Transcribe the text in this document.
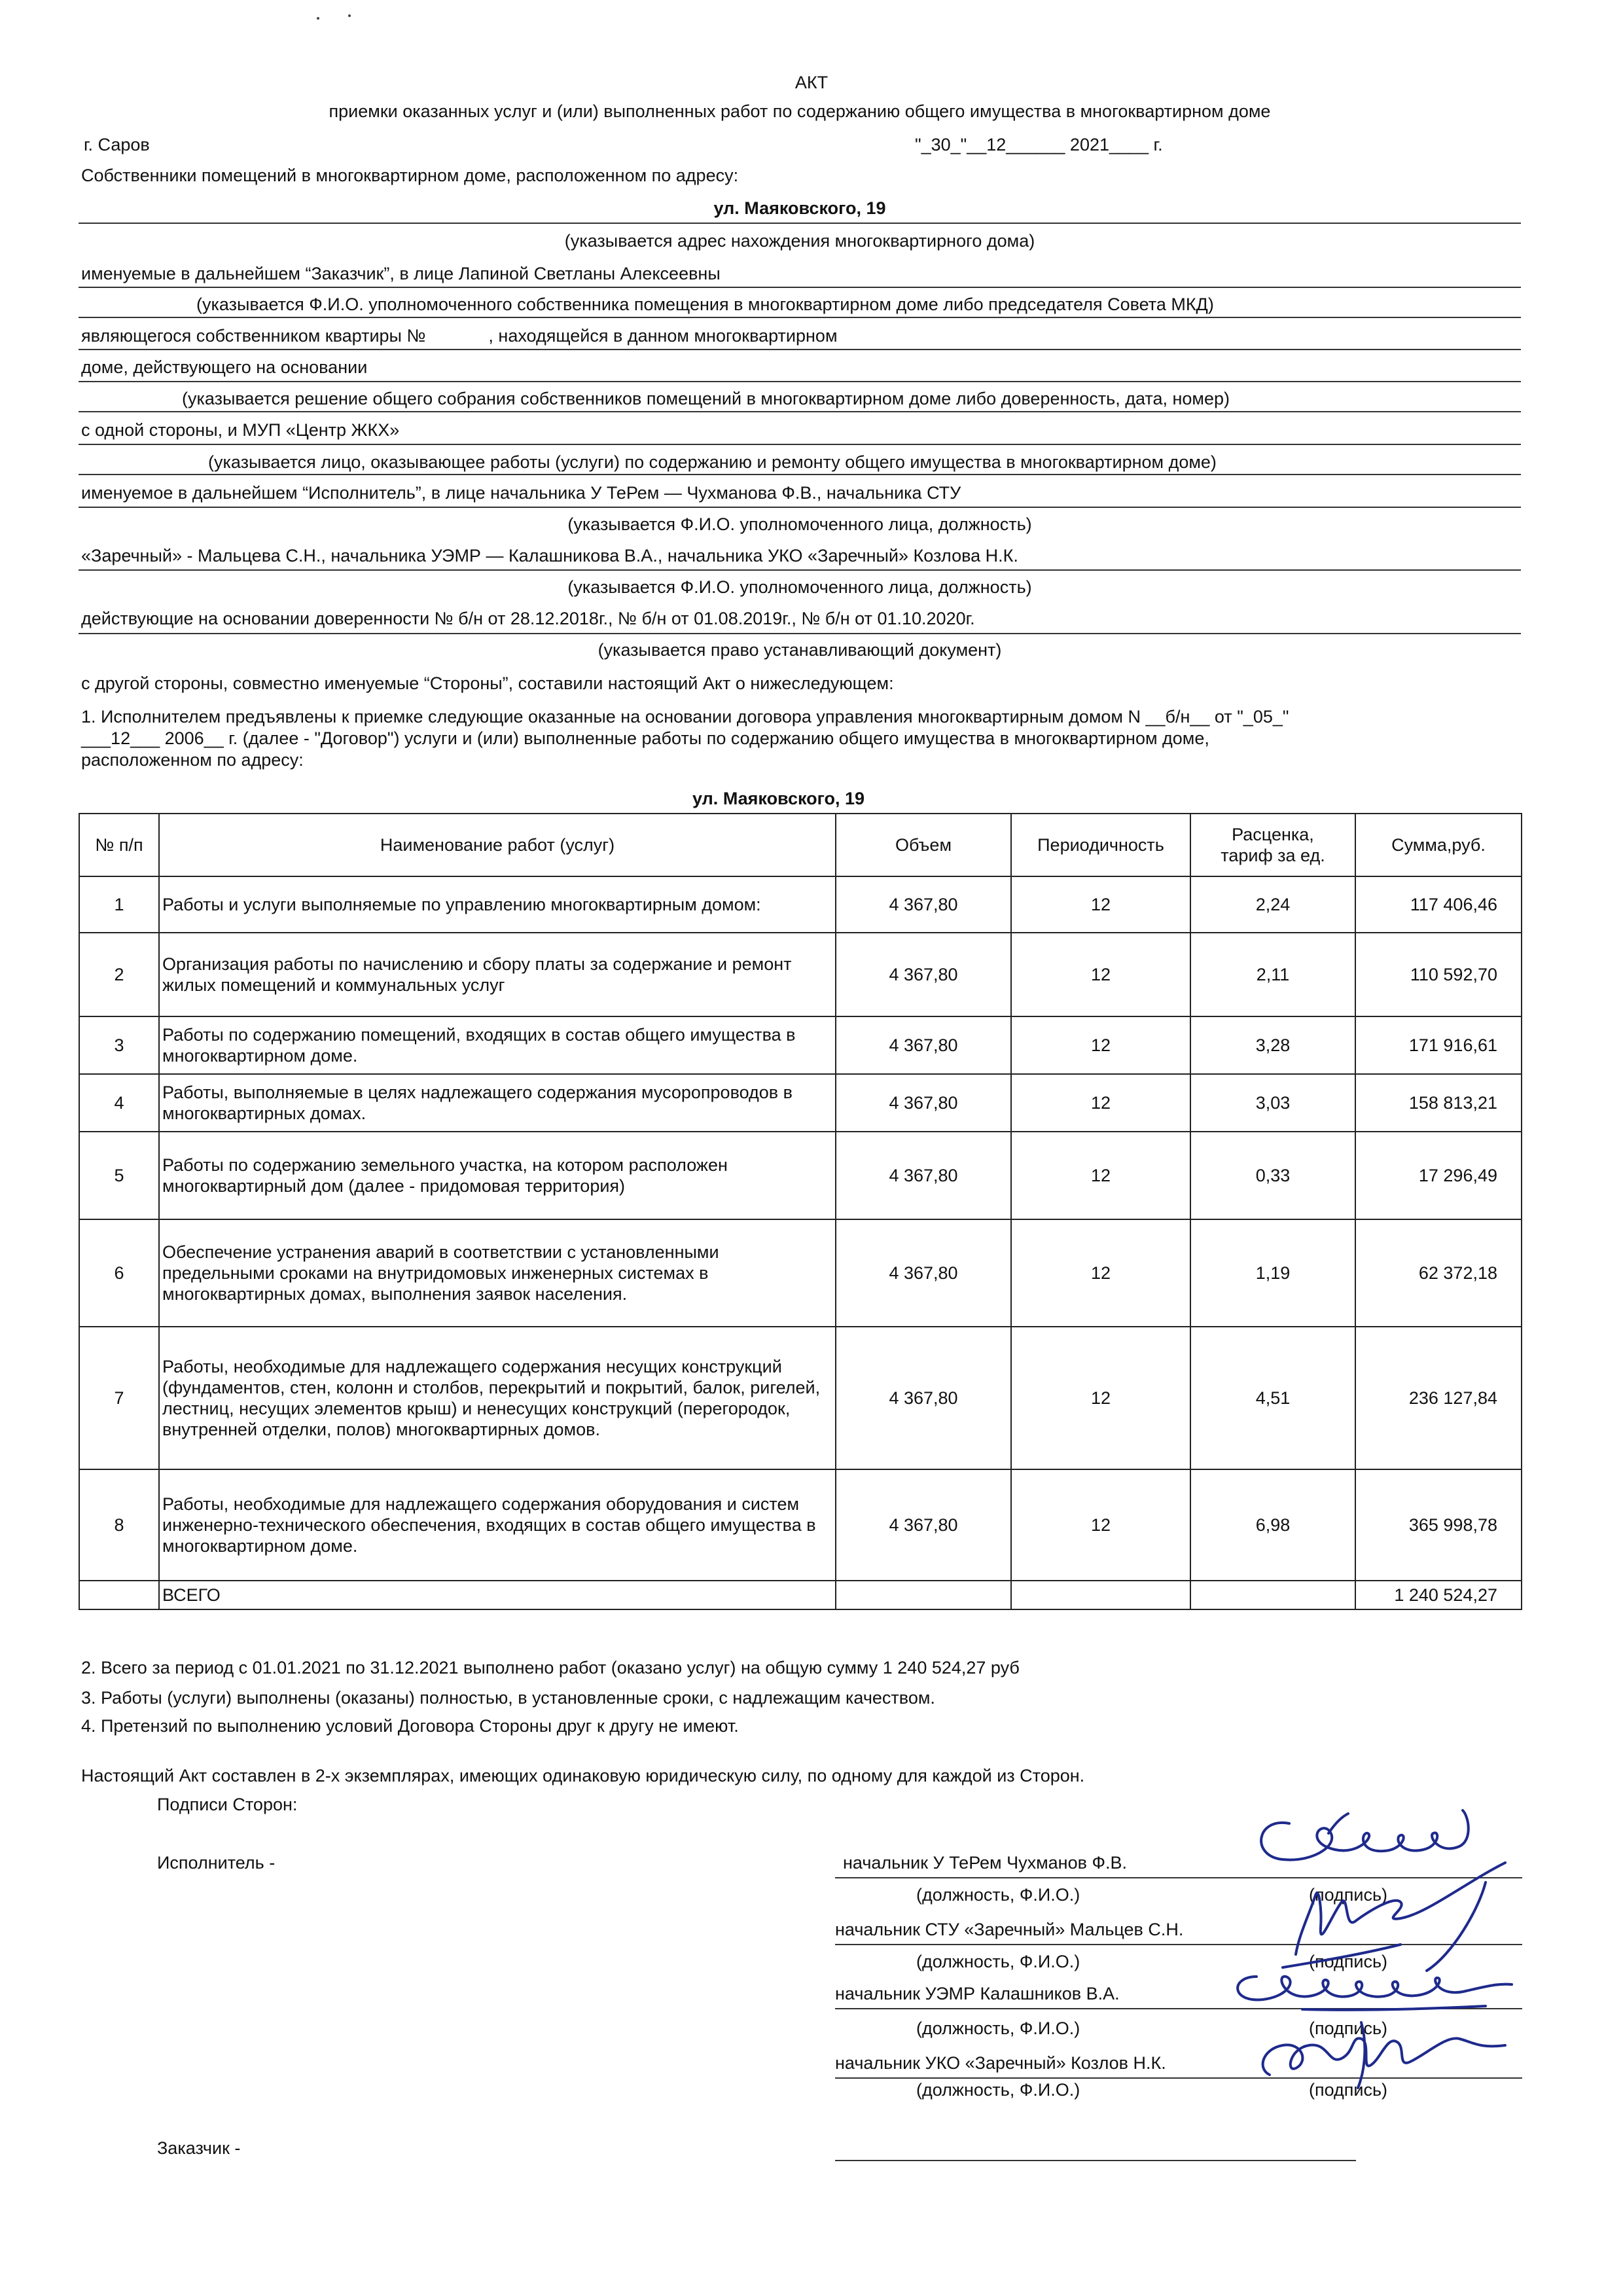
АКТ
приемки оказанных услуг и (или) выполненных работ по содержанию общего имущества в многоквартирном доме
г. Саров	"_30_"__12______ 2021____ г.
Собственники помещений в многоквартирном доме, расположенном по адресу:
ул. Маяковского, 19
(указывается адрес нахождения многоквартирного дома)
именуемые в дальнейшем “Заказчик”, в лице Лапиной Светланы Алексеевны
(указывается Ф.И.О. уполномоченного собственника помещения в многоквартирном доме либо председателя Совета МКД)
являющегося собственником квартиры №	, находящейся в данном многоквартирном
доме, действующего на основании
(указывается решение общего собрания собственников помещений в многоквартирном доме либо доверенность, дата, номер)
с одной стороны, и МУП «Центр ЖКХ»
(указывается лицо, оказывающее работы (услуги) по содержанию и ремонту общего имущества в многоквартирном доме)
именуемое в дальнейшем “Исполнитель”, в лице начальника У ТеРем — Чухманова Ф.В., начальника СТУ
(указывается Ф.И.О. уполномоченного лица, должность)
«Заречный» - Мальцева С.Н., начальника УЭМР — Калашникова В.А., начальника УКО «Заречный» Козлова Н.К.
(указывается Ф.И.О. уполномоченного лица, должность)
действующие на основании доверенности № б/н от 28.12.2018г., № б/н от 01.08.2019г., № б/н от 01.10.2020г.
(указывается право устанавливающий документ)
с другой стороны, совместно именуемые “Стороны”, составили настоящий Акт о нижеследующем:
1. Исполнителем предъявлены к приемке следующие оказанные на основании договора управления многоквартирным домом N __б/н__ от "_05_"
___12___ 2006__ г. (далее - "Договор") услуги и (или) выполненные работы по содержанию общего имущества в многоквартирном доме,
расположенном по адресу:
ул. Маяковского, 19
№ п/п	Наименование работ (услуг)	Объем	Периодичность	Расценка,
тариф за ед.	Сумма,руб.
1	Работы и услуги выполняемые по управлению многоквартирным домом:	4 367,80	12	2,24	117 406,46
2	Организация работы по начислению и сбору платы за содержание и ремонт жилых помещений и коммунальных услуг	4 367,80	12	2,11	110 592,70
3	Работы по содержанию помещений, входящих в состав общего имущества в многоквартирном доме.	4 367,80	12	3,28	171 916,61
4	Работы, выполняемые в целях надлежащего содержания мусоропроводов в многоквартирных домах.	4 367,80	12	3,03	158 813,21
5	Работы по содержанию земельного участка, на котором расположен многоквартирный дом (далее - придомовая территория)	4 367,80	12	0,33	17 296,49
6	Обеспечение устранения аварий в соответствии с установленными предельными сроками на внутридомовых инженерных системах в многоквартирных домах, выполнения заявок населения.	4 367,80	12	1,19	62 372,18
7	Работы, необходимые для надлежащего содержания несущих конструкций (фундаментов, стен, колонн и столбов, перекрытий и покрытий, балок, ригелей, лестниц, несущих элементов крыш) и ненесущих конструкций (перегородок, внутренней отделки, полов) многоквартирных домов.	4 367,80	12	4,51	236 127,84
8	Работы, необходимые для надлежащего содержания оборудования и систем инженерно-технического обеспечения, входящих в состав общего имущества в многоквартирном доме.	4 367,80	12	6,98	365 998,78
	ВСЕГО				1 240 524,27
2. Всего за период с 01.01.2021 по 31.12.2021 выполнено работ (оказано услуг) на общую сумму 1 240 524,27 руб
3. Работы (услуги) выполнены (оказаны) полностью, в установленные сроки, с надлежащим качеством.
4. Претензий по выполнению условий Договора Стороны друг к другу не имеют.
Настоящий Акт составлен в 2-х экземплярах, имеющих одинаковую юридическую силу, по одному для каждой из Сторон.
Подписи Сторон:
Исполнитель -	начальник У ТеРем Чухманов Ф.В.
(должность, Ф.И.О.)	(подпись)
начальник СТУ «Заречный» Мальцев С.Н.
(должность, Ф.И.О.)	(подпись)
начальник УЭМР Калашников В.А.
(должность, Ф.И.О.)	(подпись)
начальник УКО «Заречный» Козлов Н.К.
(должность, Ф.И.О.)	(подпись)
Заказчик -
